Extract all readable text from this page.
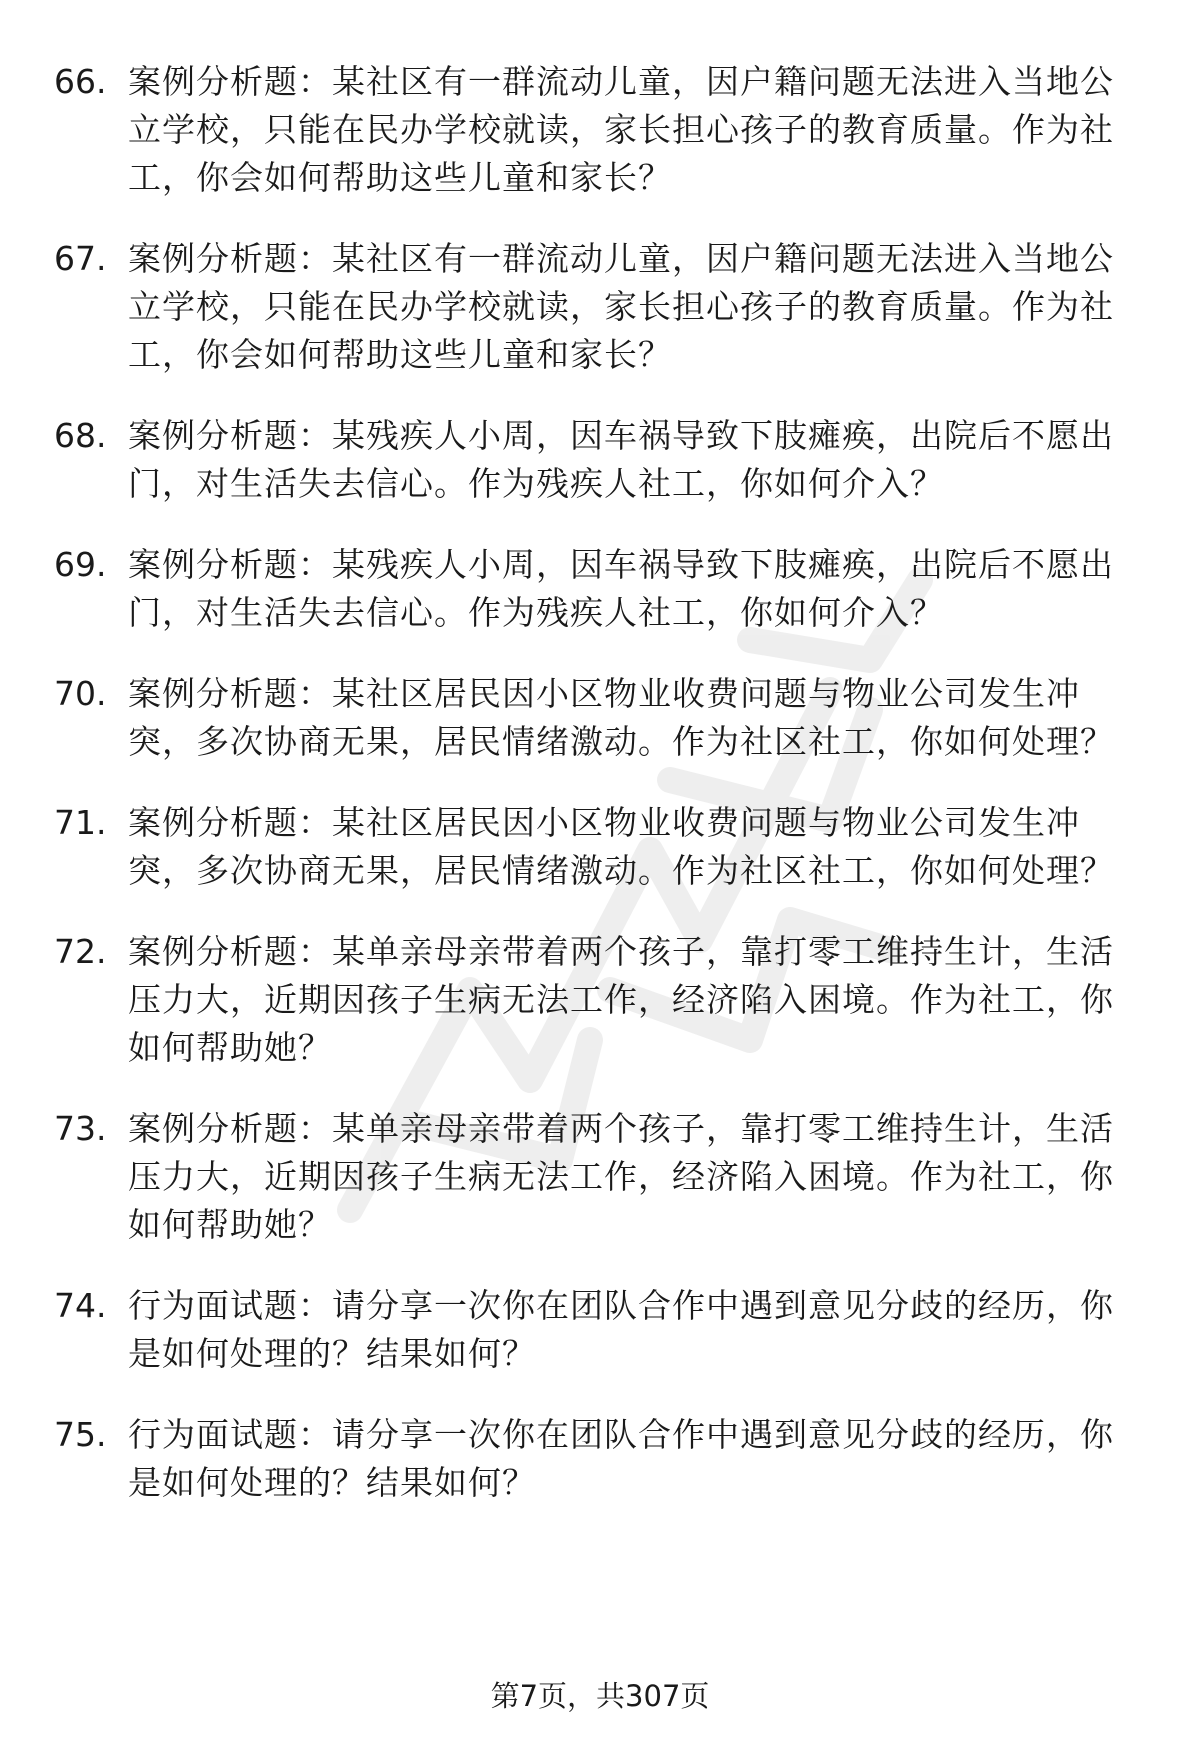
66. 案例分析题：某社区有一群流动儿童，因户籍问题无法进入当地公立学校，只能在民办学校就读，家长担心孩子的教育质量。作为社工，你会如何帮助这些儿童和家长？
67. 案例分析题：某社区有一群流动儿童，因户籍问题无法进入当地公立学校，只能在民办学校就读，家长担心孩子的教育质量。作为社工，你会如何帮助这些儿童和家长？
68. 案例分析题：某残疾人小周，因车祸导致下肢瘫痪，出院后不愿出门，对生活失去信心。作为残疾人社工，你如何介入？
69. 案例分析题：某残疾人小周，因车祸导致下肢瘫痪，出院后不愿出门，对生活失去信心。作为残疾人社工，你如何介入？
70. 案例分析题：某社区居民因小区物业收费问题与物业公司发生冲突，多次协商无果，居民情绪激动。作为社区社工，你如何处理？
71. 案例分析题：某社区居民因小区物业收费问题与物业公司发生冲突，多次协商无果，居民情绪激动。作为社区社工，你如何处理？
72. 案例分析题：某单亲母亲带着两个孩子，靠打零工维持生计，生活压力大，近期因孩子生病无法工作，经济陷入困境。作为社工，你如何帮助她？
73. 案例分析题：某单亲母亲带着两个孩子，靠打零工维持生计，生活压力大，近期因孩子生病无法工作，经济陷入困境。作为社工，你如何帮助她？
74. 行为面试题：请分享一次你在团队合作中遇到意见分歧的经历，你是如何处理的？结果如何？
75. 行为面试题：请分享一次你在团队合作中遇到意见分歧的经历，你是如何处理的？结果如何？
第7页，共307页
